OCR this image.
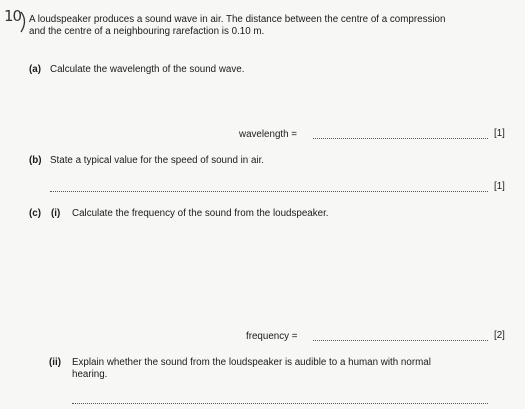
10 A loudspeaker produces a sound wave in air. The distance between the centre of a compression
and the centre of a neighbouring rarefaction is 0.10 m.
(a) Calculate the wavelength of the sound wave.
wavelength =	[1]
(b) State a typical value for the speed of sound in air.
[1]
(c) (i) Calculate the frequency of the sound from the loudspeaker.
frequency =	[2]
(ii) Explain whether the sound from the loudspeaker is audible to a human with normal
hearing.
